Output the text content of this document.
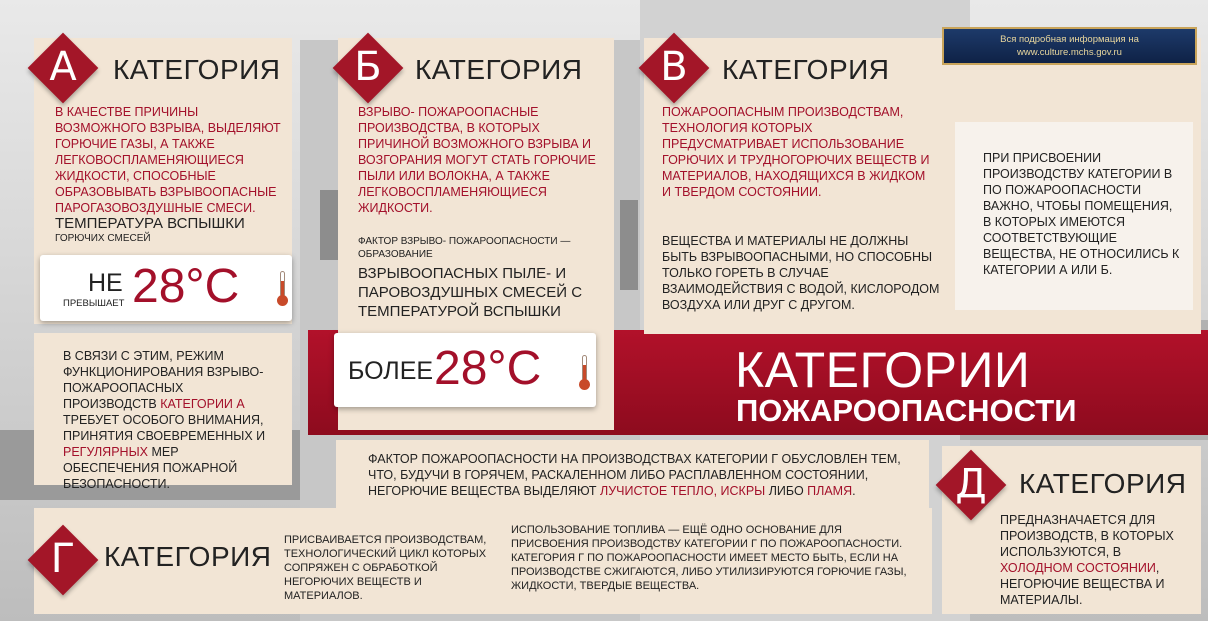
Вся подробная информация на
www.culture.mchs.gov.ru
А	КАТЕГОРИЯ
В КАЧЕСТВЕ ПРИЧИНЫ ВОЗМОЖНОГО ВЗРЫВА, ВЫДЕЛЯЮТ ГОРЮЧИЕ ГАЗЫ, А ТАКЖЕ ЛЕГКОВОСПЛАМЕНЯЮЩИЕСЯ ЖИДКОСТИ, СПОСОБНЫЕ ОБРАЗОВЫВАТЬ ВЗРЫВООПАСНЫЕ ПАРОГАЗОВОЗДУШНЫЕ СМЕСИ.
ТЕМПЕРАТУРА ВСПЫШКИ
ГОРЮЧИХ СМЕСЕЙ
НЕ
ПРЕВЫШАЕТ 28°C
В СВЯЗИ С ЭТИМ, РЕЖИМ ФУНКЦИОНИРОВАНИЯ ВЗРЫВО-ПОЖАРООПАСНЫХ ПРОИЗВОДСТВ КАТЕГОРИИ А ТРЕБУЕТ ОСОБОГО ВНИМАНИЯ, ПРИНЯТИЯ СВОЕВРЕМЕННЫХ И РЕГУЛЯРНЫХ МЕР ОБЕСПЕЧЕНИЯ ПОЖАРНОЙ БЕЗОПАСНОСТИ.
Б	КАТЕГОРИЯ
ВЗРЫВО- ПОЖАРООПАСНЫЕ ПРОИЗВОДСТВА, В КОТОРЫХ ПРИЧИНОЙ ВОЗМОЖНОГО ВЗРЫВА И ВОЗГОРАНИЯ МОГУТ СТАТЬ ГОРЮЧИЕ ПЫЛИ ИЛИ ВОЛОКНА, А ТАКЖЕ ЛЕГКОВОСПЛАМЕНЯЮЩИЕСЯ ЖИДКОСТИ.
ФАКТОР ВЗРЫВО- ПОЖАРООПАСНОСТИ — ОБРАЗОВАНИЕ
ВЗРЫВООПАСНЫХ ПЫЛЕ- И ПАРОВОЗДУШНЫХ СМЕСЕЙ С ТЕМПЕРАТУРОЙ ВСПЫШКИ
БОЛЕЕ 28°C
В	КАТЕГОРИЯ
ПОЖАРООПАСНЫМ ПРОИЗВОДСТВАМ, ТЕХНОЛОГИЯ КОТОРЫХ ПРЕДУСМАТРИВАЕТ ИСПОЛЬЗОВАНИЕ ГОРЮЧИХ И ТРУДНОГОРЮЧИХ ВЕЩЕСТВ И МАТЕРИАЛОВ, НАХОДЯЩИХСЯ В ЖИДКОМ И ТВЕРДОМ СОСТОЯНИИ.
ВЕЩЕСТВА И МАТЕРИАЛЫ НЕ ДОЛЖНЫ БЫТЬ ВЗРЫВООПАСНЫМИ, НО СПОСОБНЫ ТОЛЬКО ГОРЕТЬ В СЛУЧАЕ ВЗАИМОДЕЙСТВИЯ С ВОДОЙ, КИСЛОРОДОМ ВОЗДУХА ИЛИ ДРУГ С ДРУГОМ.
ПРИ ПРИСВОЕНИИ ПРОИЗВОДСТВУ КАТЕГОРИИ В ПО ПОЖАРООПАСНОСТИ ВАЖНО, ЧТОБЫ ПОМЕЩЕНИЯ, В КОТОРЫХ ИМЕЮТСЯ СООТВЕТСТВУЮЩИЕ ВЕЩЕСТВА, НЕ ОТНОСИЛИСЬ К КАТЕГОРИИ А ИЛИ Б.
КАТЕГОРИИ
ПОЖАРООПАСНОСТИ
ФАКТОР ПОЖАРООПАСНОСТИ НА ПРОИЗВОДСТВАХ КАТЕГОРИИ Г ОБУСЛОВЛЕН ТЕМ, ЧТО, БУДУЧИ В ГОРЯЧЕМ, РАСКАЛЕННОМ ЛИБО РАСПЛАВЛЕННОМ СОСТОЯНИИ, НЕГОРЮЧИЕ ВЕЩЕСТВА ВЫДЕЛЯЮТ ЛУЧИСТОЕ ТЕПЛО, ИСКРЫ ЛИБО ПЛАМЯ.
Г	КАТЕГОРИЯ
ПРИСВАИВАЕТСЯ ПРОИЗВОДСТВАМ, ТЕХНОЛОГИЧЕСКИЙ ЦИКЛ КОТОРЫХ СОПРЯЖЕН С ОБРАБОТКОЙ НЕГОРЮЧИХ ВЕЩЕСТВ И МАТЕРИАЛОВ.
ИСПОЛЬЗОВАНИЕ ТОПЛИВА — ЕЩЁ ОДНО ОСНОВАНИЕ ДЛЯ ПРИСВОЕНИЯ ПРОИЗВОДСТВУ КАТЕГОРИИ Г ПО ПОЖАРООПАСНОСТИ. КАТЕГОРИЯ Г ПО ПОЖАРООПАСНОСТИ ИМЕЕТ МЕСТО БЫТЬ, ЕСЛИ НА ПРОИЗВОДСТВЕ СЖИГАЮТСЯ, ЛИБО УТИЛИЗИРУЮТСЯ ГОРЮЧИЕ ГАЗЫ, ЖИДКОСТИ, ТВЕРДЫЕ ВЕЩЕСТВА.
Д	КАТЕГОРИЯ
ПРЕДНАЗНАЧАЕТСЯ ДЛЯ ПРОИЗВОДСТВ, В КОТОРЫХ ИСПОЛЬЗУЮТСЯ, В ХОЛОДНОМ СОСТОЯНИИ, НЕГОРЮЧИЕ ВЕЩЕСТВА И МАТЕРИАЛЫ.
